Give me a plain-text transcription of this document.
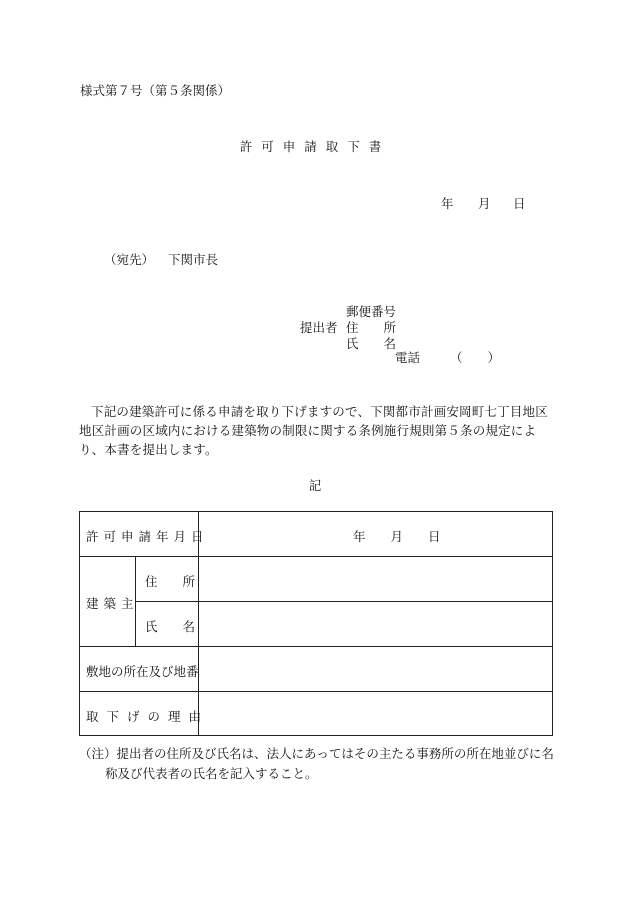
様式第７号（第５条関係）
許可申請取下書
年 月 日
（宛先） 下関市長
郵便番号
提出者 住　　所
氏　　名
電話 （　　）
下記の建築許可に係る申請を取り下げますので、下関都市計画安岡町七丁目地区地区計画の区域内における建築物の制限に関する条例施行規則第５条の規定により、本書を提出します。
記
許可申請年月日	年　　月　　日
建築主
住　　所
氏　　名
敷地の所在及び地番
取下げの理由
（注）提出者の住所及び氏名は、法人にあってはその主たる事務所の所在地並びに名称及び代表者の氏名を記入すること。
